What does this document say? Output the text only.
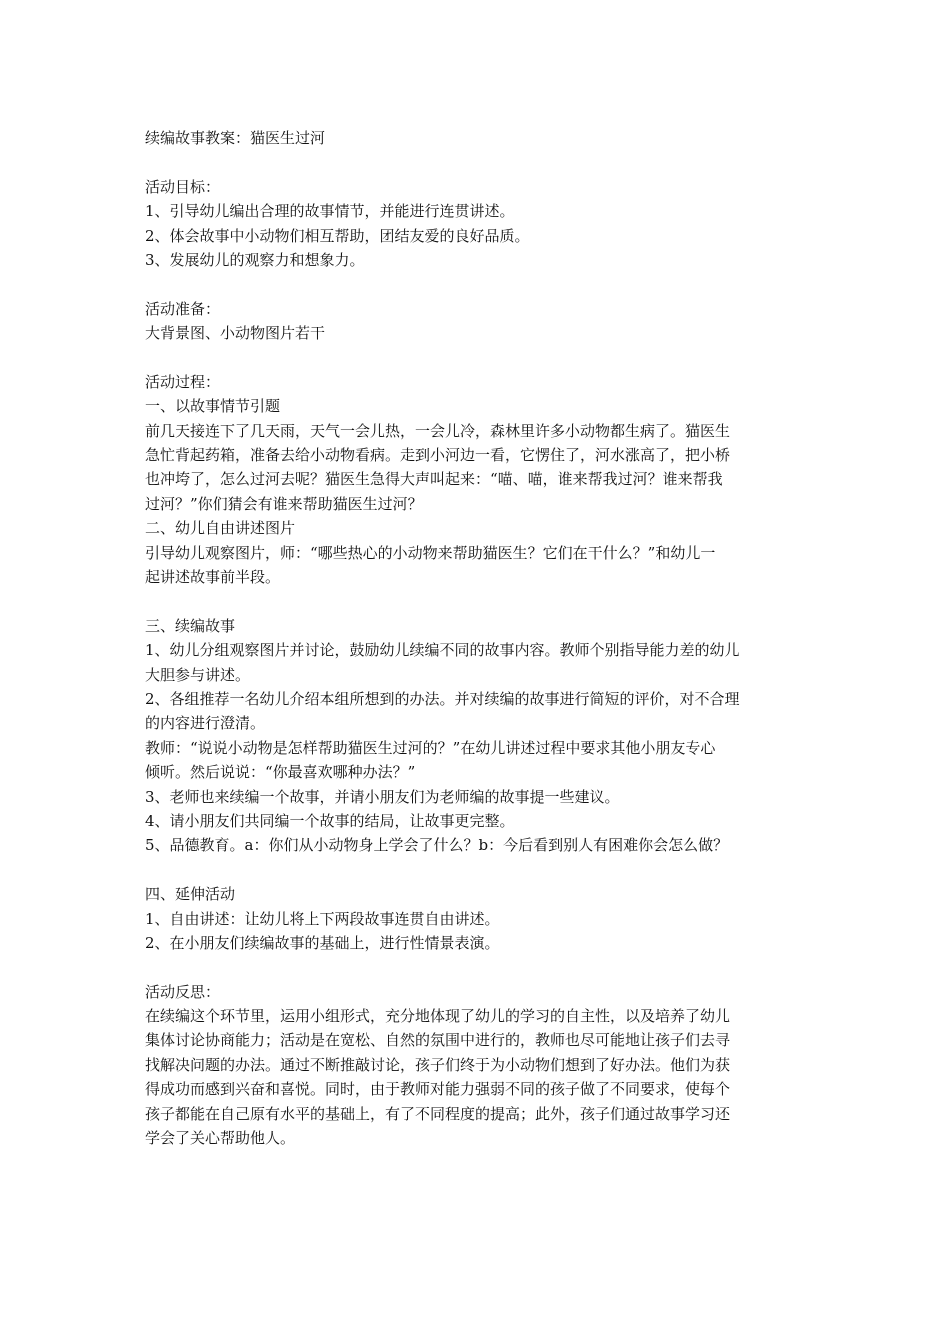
续编故事教案：猫医生过河
活动目标：
1、引导幼儿编出合理的故事情节，并能进行连贯讲述。
2、体会故事中小动物们相互帮助，团结友爱的良好品质。
3、发展幼儿的观察力和想象力。
活动准备：
大背景图、小动物图片若干
活动过程：
一、以故事情节引题
前几天接连下了几天雨，天气一会儿热，一会儿冷，森林里许多小动物都生病了。猫医生
急忙背起药箱，准备去给小动物看病。走到小河边一看，它愣住了，河水涨高了，把小桥
也冲垮了，怎么过河去呢？猫医生急得大声叫起来：“喵、喵，谁来帮我过河？谁来帮我
过河？”你们猜会有谁来帮助猫医生过河？
二、幼儿自由讲述图片
引导幼儿观察图片，师：“哪些热心的小动物来帮助猫医生？它们在干什么？”和幼儿一
起讲述故事前半段。
三、续编故事
1、幼儿分组观察图片并讨论，鼓励幼儿续编不同的故事内容。教师个别指导能力差的幼儿
大胆参与讲述。
2、各组推荐一名幼儿介绍本组所想到的办法。并对续编的故事进行简短的评价，对不合理
的内容进行澄清。
教师：“说说小动物是怎样帮助猫医生过河的？”在幼儿讲述过程中要求其他小朋友专心
倾听。然后说说：“你最喜欢哪种办法？”
3、老师也来续编一个故事，并请小朋友们为老师编的故事提一些建议。
4、请小朋友们共同编一个故事的结局，让故事更完整。
5、品德教育。a：你们从小动物身上学会了什么？b：今后看到别人有困难你会怎么做？
四、延伸活动
1、自由讲述：让幼儿将上下两段故事连贯自由讲述。
2、在小朋友们续编故事的基础上，进行性情景表演。
活动反思：
在续编这个环节里，运用小组形式，充分地体现了幼儿的学习的自主性，以及培养了幼儿
集体讨论协商能力；活动是在宽松、自然的氛围中进行的，教师也尽可能地让孩子们去寻
找解决问题的办法。通过不断推敲讨论，孩子们终于为小动物们想到了好办法。他们为获
得成功而感到兴奋和喜悦。同时，由于教师对能力强弱不同的孩子做了不同要求，使每个
孩子都能在自己原有水平的基础上，有了不同程度的提高；此外，孩子们通过故事学习还
学会了关心帮助他人。
